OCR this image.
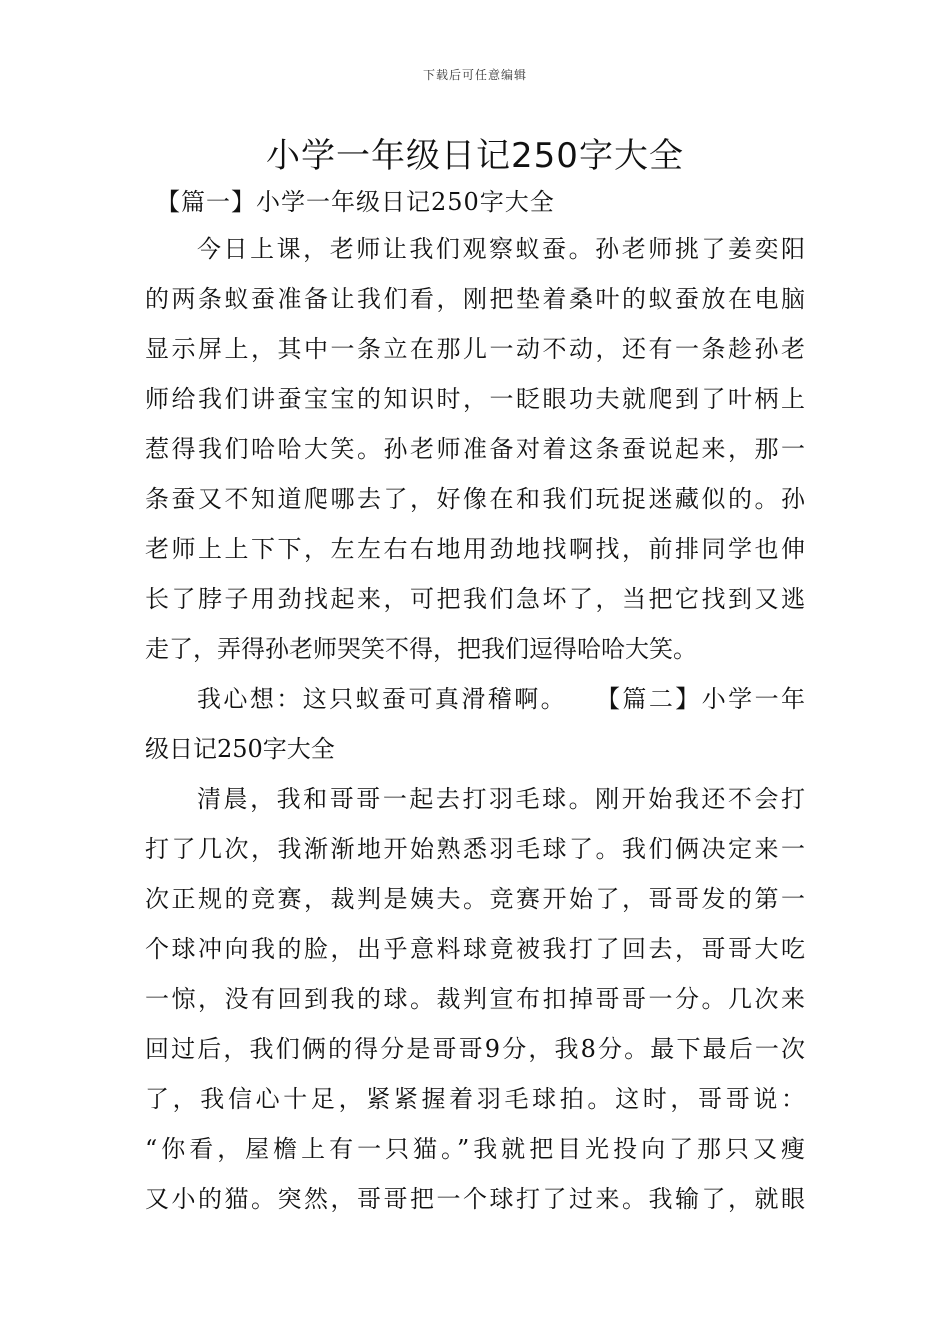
下载后可任意编辑
小学一年级日记250字大全
【篇一】小学一年级日记250字大全
今日上课，老师让我们观察蚁蚕。孙老师挑了姜奕阳
的两条蚁蚕准备让我们看，刚把垫着桑叶的蚁蚕放在电脑
显示屏上，其中一条立在那儿一动不动，还有一条趁孙老
师给我们讲蚕宝宝的知识时，一眨眼功夫就爬到了叶柄上
惹得我们哈哈大笑。孙老师准备对着这条蚕说起来，那一
条蚕又不知道爬哪去了，好像在和我们玩捉迷藏似的。孙
老师上上下下，左左右右地用劲地找啊找，前排同学也伸
长了脖子用劲找起来，可把我们急坏了，当把它找到又逃
走了，弄得孙老师哭笑不得，把我们逗得哈哈大笑。
我心想：这只蚁蚕可真滑稽啊。　　【篇二】小学一年
级日记250字大全
清晨，我和哥哥一起去打羽毛球。刚开始我还不会打
打了几次，我渐渐地开始熟悉羽毛球了。我们俩决定来一
次正规的竞赛，裁判是姨夫。竞赛开始了，哥哥发的第一
个球冲向我的脸，出乎意料球竟被我打了回去，哥哥大吃
一惊，没有回到我的球。裁判宣布扣掉哥哥一分。几次来
回过后，我们俩的得分是哥哥9分，我8分。最下最后一次
了，我信心十足，紧紧握着羽毛球拍。这时，哥哥说：
“你看，屋檐上有一只猫。”我就把目光投向了那只又瘦
又小的猫。突然，哥哥把一个球打了过来。我输了，就眼
